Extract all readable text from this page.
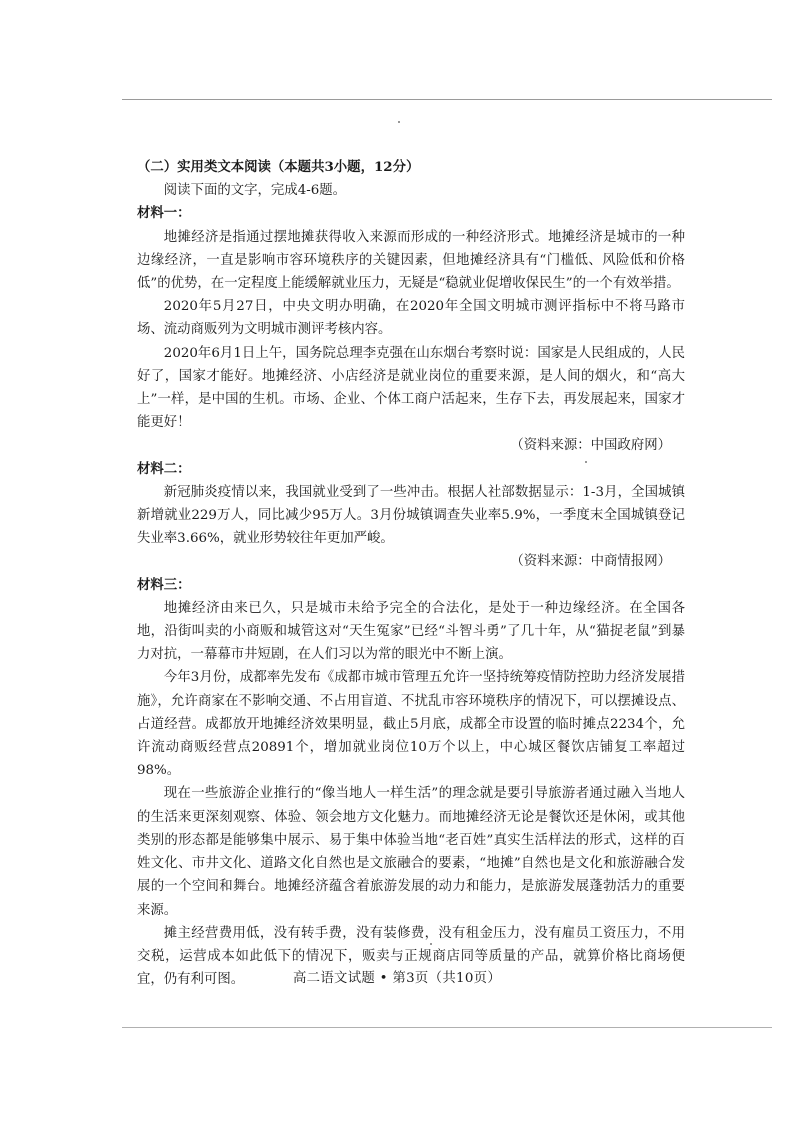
（二）实用类文本阅读（本题共3小题，12分）

阅读下面的文字，完成4-6题。

材料一：

地摊经济是指通过摆地摊获得收入来源而形成的一种经济形式。地摊经济是城市的一种边缘经济，一直是影响市容环境秩序的关键因素，但地摊经济具有“门槛低、风险低和价格低”的优势，在一定程度上能缓解就业压力，无疑是“稳就业促增收保民生”的一个有效举措。

2020年5月27日，中央文明办明确，在2020年全国文明城市测评指标中不将马路市场、流动商贩列为文明城市测评考核内容。

2020年6月1日上午，国务院总理李克强在山东烟台考察时说：国家是人民组成的，人民好了，国家才能好。地摊经济、小店经济是就业岗位的重要来源，是人间的烟火，和“高大上”一样，是中国的生机。市场、企业、个体工商户活起来，生存下去，再发展起来，国家才能更好！

（资料来源：中国政府网）

材料二：

新冠肺炎疫情以来，我国就业受到了一些冲击。根据人社部数据显示：1-3月，全国城镇新增就业229万人，同比减少95万人。3月份城镇调查失业率5.9%，一季度末全国城镇登记失业率3.66%，就业形势较往年更加严峻。

（资料来源：中商情报网）

材料三：

地摊经济由来已久，只是城市未给予完全的合法化，是处于一种边缘经济。在全国各地，沿街叫卖的小商贩和城管这对“天生冤家”已经“斗智斗勇”了几十年，从“猫捉老鼠”到暴力对抗，一幕幕市井短剧，在人们习以为常的眼光中不断上演。

今年3月份，成都率先发布《成都市城市管理五允许一坚持统筹疫情防控助力经济发展措施》，允许商家在不影响交通、不占用盲道、不扰乱市容环境秩序的情况下，可以摆摊设点、占道经营。成都放开地摊经济效果明显，截止5月底，成都全市设置的临时摊点2234个，允许流动商贩经营点20891个，增加就业岗位10万个以上，中心城区餐饮店铺复工率超过98%。

现在一些旅游企业推行的“像当地人一样生活”的理念就是要引导旅游者通过融入当地人的生活来更深刻观察、体验、领会地方文化魅力。而地摊经济无论是餐饮还是休闲，或其他类别的形态都是能够集中展示、易于集中体验当地“老百姓”真实生活样法的形式，这样的百姓文化、市井文化、道路文化自然也是文旅融合的要素，“地摊”自然也是文化和旅游融合发展的一个空间和舞台。地摊经济蕴含着旅游发展的动力和能力，是旅游发展蓬勃活力的重要来源。

摊主经营费用低，没有转手费，没有装修费，没有租金压力，没有雇员工资压力，不用交税，运营成本如此低下的情况下，贩卖与正规商店同等质量的产品，就算价格比商场便宜，仍有利可图。	高二语文试题 • 第3页（共10页）
